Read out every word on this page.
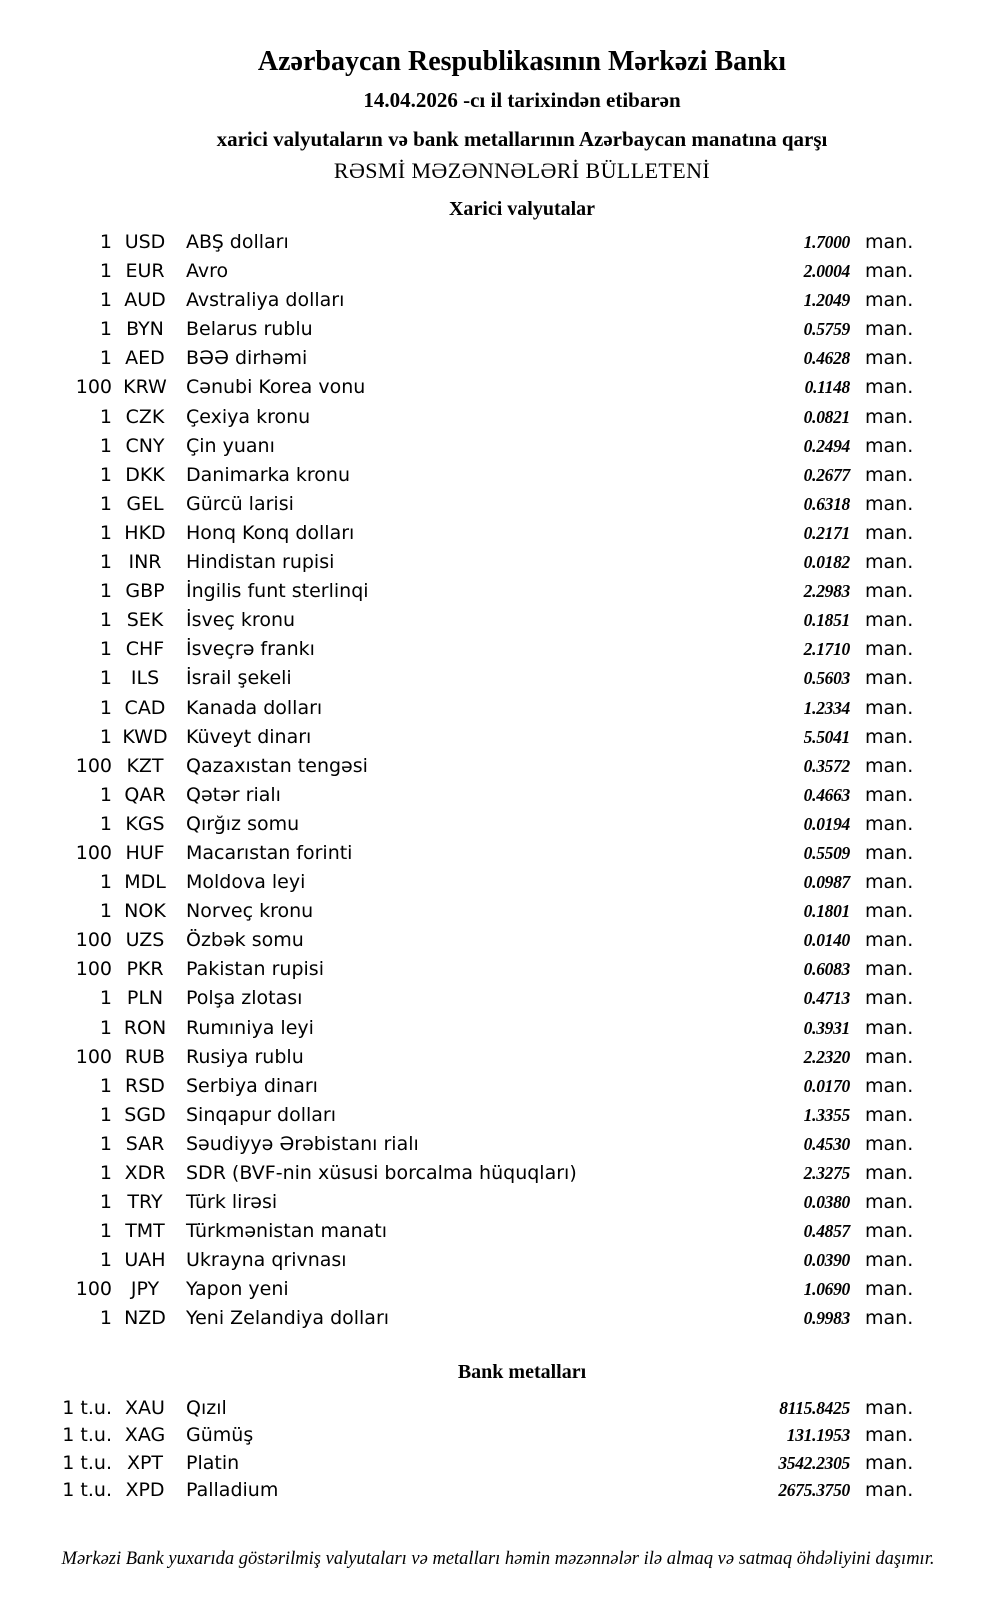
Azərbaycan Respublikasının Mərkəzi Bankı
14.04.2026 -cı il tarixindən etibarən
xarici valyutaların və bank metallarının Azərbaycan manatına qarşı
RƏSMİ MƏZƏNNƏLƏRİ BÜLLETENİ
Xarici valyutalar
1 USD	ABŞ dolları	1.7000 man.
1 EUR	Avro	2.0004 man.
1 AUD	Avstraliya dolları	1.2049 man.
1 BYN	Belarus rublu	0.5759 man.
1 AED	BƏƏ dirhəmi	0.4628 man.
100 KRW	Cənubi Korea vonu	0.1148 man.
1 CZK	Çexiya kronu	0.0821 man.
1 CNY	Çin yuanı	0.2494 man.
1 DKK	Danimarka kronu	0.2677 man.
1 GEL	Gürcü larisi	0.6318 man.
1 HKD	Honq Konq dolları	0.2171 man.
1 INR	Hindistan rupisi	0.0182 man.
1 GBP	İngilis funt sterlinqi	2.2983 man.
1 SEK	İsveç kronu	0.1851 man.
1 CHF	İsveçrə frankı	2.1710 man.
1 ILS	İsrail şekeli	0.5603 man.
1 CAD	Kanada dolları	1.2334 man.
1 KWD Küveyt dinarı	5.5041 man.
100 KZT	Qazaxıstan tengəsi	0.3572 man.
1 QAR	Qətər rialı	0.4663 man.
1 KGS	Qırğız somu	0.0194 man.
100 HUF	Macarıstan forinti	0.5509 man.
1 MDL	Moldova leyi	0.0987 man.
1 NOK	Norveç kronu	0.1801 man.
100 UZS	Özbək somu	0.0140 man.
100 PKR	Pakistan rupisi	0.6083 man.
1 PLN	Polşa zlotası	0.4713 man.
1 RON	Rumıniya leyi	0.3931 man.
100 RUB	Rusiya rublu	2.2320 man.
1 RSD	Serbiya dinarı	0.0170 man.
1 SGD	Sinqapur dolları	1.3355 man.
1 SAR	Səudiyyə Ərəbistanı rialı	0.4530 man.
1 XDR	SDR (BVF-nin xüsusi borcalma hüquqları)	2.3275 man.
1 TRY	Türk lirəsi	0.0380 man.
1 TMT	Türkmənistan manatı	0.4857 man.
1 UAH	Ukrayna qrivnası	0.0390 man.
100 JPY	Yapon yeni	1.0690 man.
1 NZD	Yeni Zelandiya dolları	0.9983 man.
Bank metalları
1 t.u. XAU	Qızıl	8115.8425 man.
1 t.u. XAG	Gümüş	131.1953 man.
1 t.u. XPT	Platin	3542.2305 man.
1 t.u. XPD	Palladium	2675.3750 man.
Mərkəzi Bank yuxarıda göstərilmiş valyutaları və metalları həmin məzənnələr ilə almaq və satmaq öhdəliyini daşımır.
